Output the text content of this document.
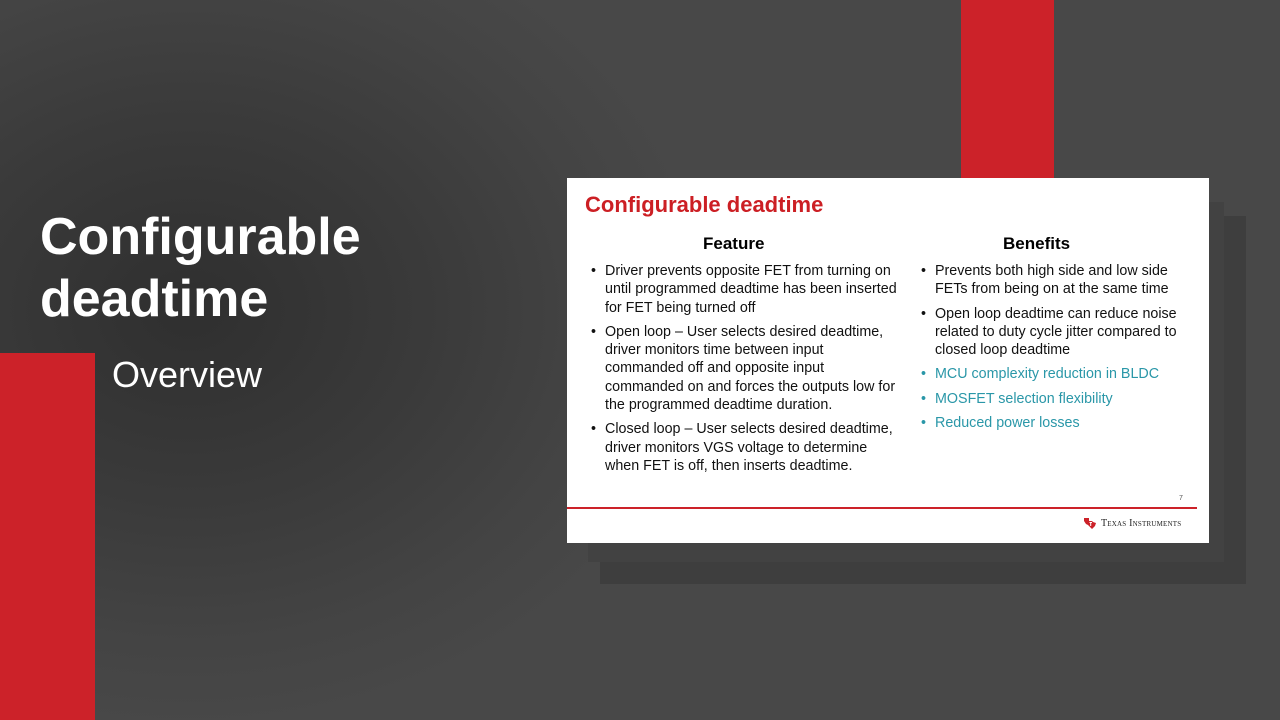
Configurable deadtime
Overview
Configurable deadtime
Feature	Benefits
• Driver prevents opposite FET from turning on until programmed deadtime has been inserted for FET being turned off
• Open loop – User selects desired deadtime, driver monitors time between input commanded off and opposite input commanded on and forces the outputs low for the programmed deadtime duration.
• Closed loop – User selects desired deadtime, driver monitors VGS voltage to determine when FET is off, then inserts deadtime.
• Prevents both high side and low side FETs from being on at the same time
• Open loop deadtime can reduce noise related to duty cycle jitter compared to closed loop deadtime
• MCU complexity reduction in BLDC
• MOSFET selection flexibility
• Reduced power losses
7
Texas Instruments
